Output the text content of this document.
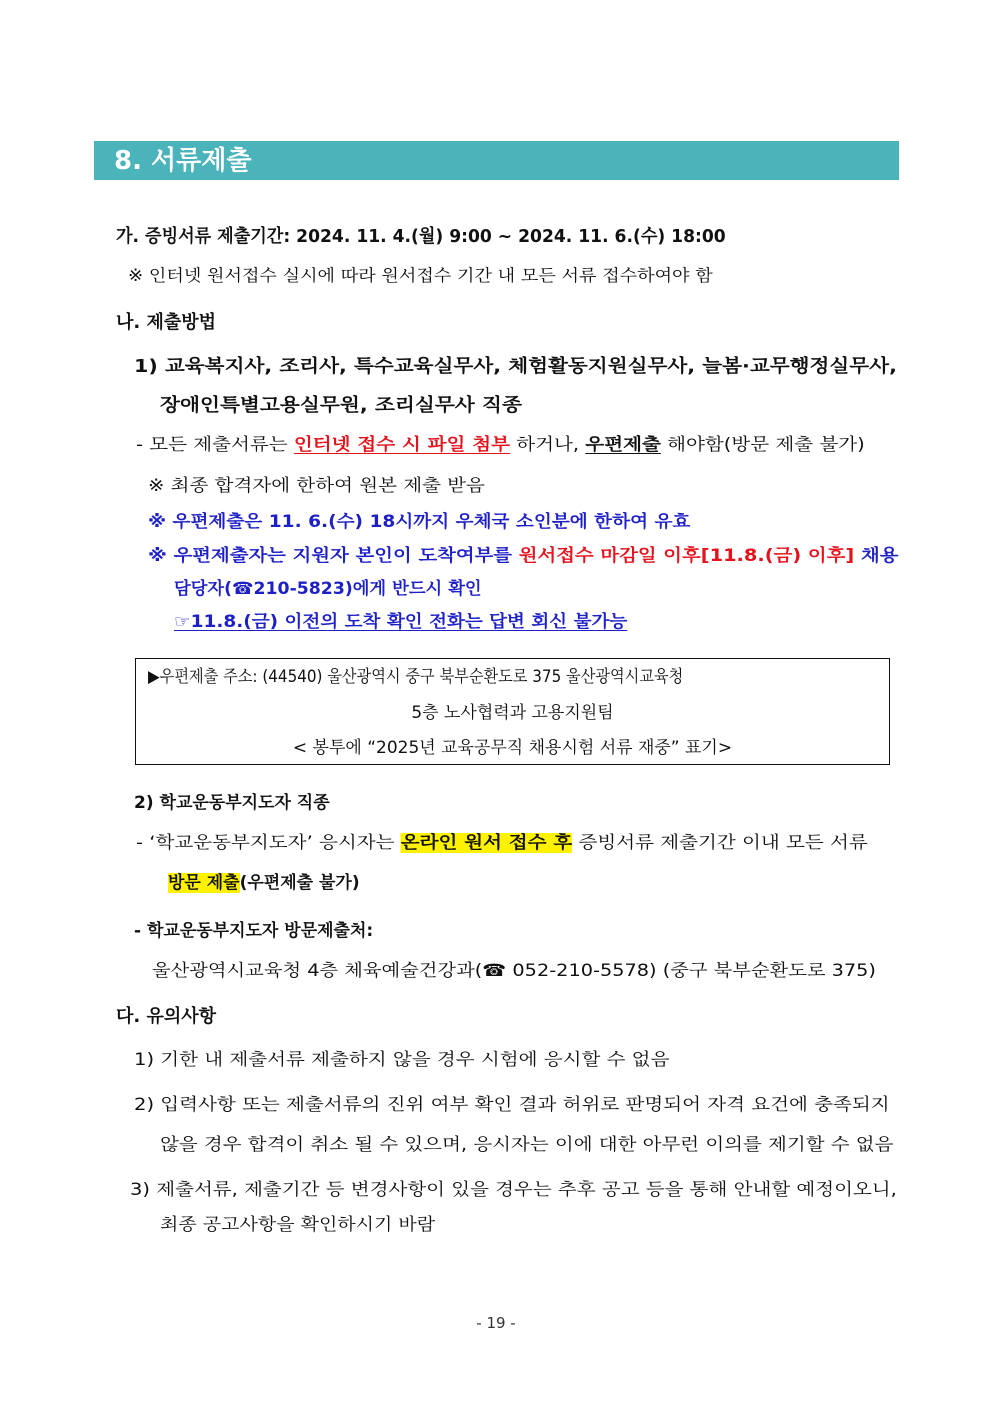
8. 서류제출
가. 증빙서류 제출기간: 2024. 11. 4.(월) 9:00 ~ 2024. 11. 6.(수) 18:00
※ 인터넷 원서접수 실시에 따라 원서접수 기간 내 모든 서류 접수하여야 함
나. 제출방법
1) 교육복지사, 조리사, 특수교육실무사, 체험활동지원실무사, 늘봄·교무행정실무사,
장애인특별고용실무원, 조리실무사 직종
- 모든 제출서류는 인터넷 접수 시 파일 첨부 하거나, 우편제출 해야함(방문 제출 불가)
※ 최종 합격자에 한하여 원본 제출 받음
※ 우편제출은 11. 6.(수) 18시까지 우체국 소인분에 한하여 유효
※ 우편제출자는 지원자 본인이 도착여부를 원서접수 마감일 이후[11.8.(금) 이후] 채용
담당자(☎210-5823)에게 반드시 확인
☞11.8.(금) 이전의 도착 확인 전화는 답변 회신 불가능
▶우편제출 주소: (44540) 울산광역시 중구 북부순환도로 375 울산광역시교육청
5층 노사협력과 고용지원팀
< 봉투에 “2025년 교육공무직 채용시험 서류 재중” 표기>
2) 학교운동부지도자 직종
- ‘학교운동부지도자’ 응시자는 온라인 원서 접수 후 증빙서류 제출기간 이내 모든 서류
방문 제출(우편제출 불가)
- 학교운동부지도자 방문제출처:
울산광역시교육청 4층 체육예술건강과(☎ 052-210-5578) (중구 북부순환도로 375)
다. 유의사항
1) 기한 내 제출서류 제출하지 않을 경우 시험에 응시할 수 없음
2) 입력사항 또는 제출서류의 진위 여부 확인 결과 허위로 판명되어 자격 요건에 충족되지
않을 경우 합격이 취소 될 수 있으며, 응시자는 이에 대한 아무런 이의를 제기할 수 없음
3) 제출서류, 제출기간 등 변경사항이 있을 경우는 추후 공고 등을 통해 안내할 예정이오니,
최종 공고사항을 확인하시기 바람
- 19 -
